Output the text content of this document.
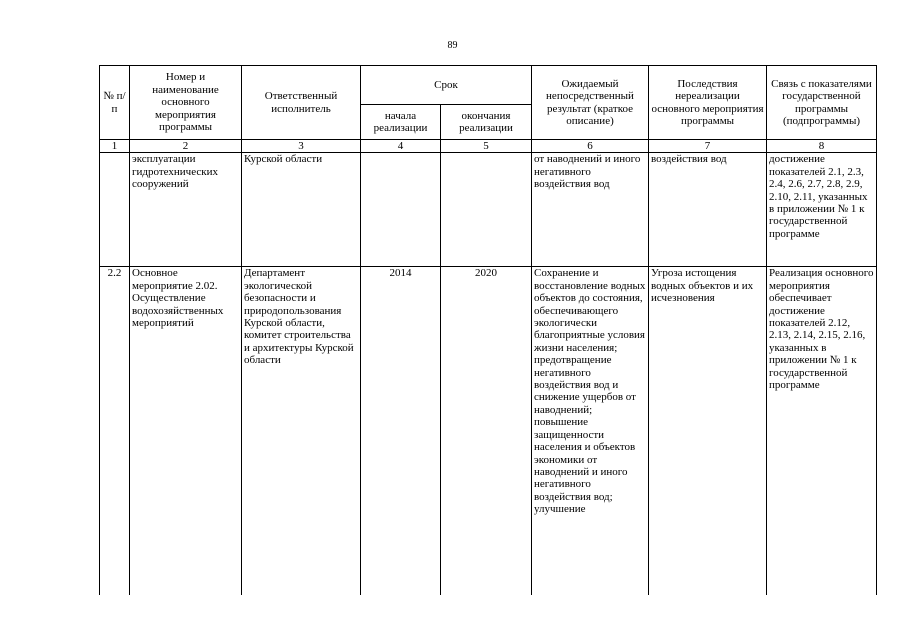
89
№ п/п	Номер и наименование основного мероприятия программы	Ответственный исполнитель	Срок		Ожидаемый непосредственный результат (краткое описание)	Последствия нереализации основного мероприятия программы	Связь с показателями государственной программы (подпрограммы)
			начала реализации	окончания реализации			
1	2	3	4	5	6	7	8
	эксплуатации гидротехнических сооружений	Курской области			от наводнений и иного негативного воздействия вод	воздействия вод	достижение показателей 2.1, 2.3, 2.4, 2.6, 2.7, 2.8, 2.9, 2.10, 2.11, указанных в приложении № 1 к государственной программе
2.2	Основное мероприятие 2.02. Осуществление водохозяйственных мероприятий	Департамент экологической безопасности и природопользования Курской области, комитет строительства и архитектуры Курской области	2014	2020	Сохранение и восстановление водных объектов до состояния, обеспечивающего экологически благоприятные условия жизни населения; предотвращение негативного воздействия вод и снижение ущербов от наводнений; повышение защищенности населения и объектов экономики от наводнений и иного негативного воздействия вод; улучшение	Угроза истощения водных объектов и их исчезновения	Реализация основного мероприятия обеспечивает достижение показателей 2.12, 2.13, 2.14, 2.15, 2.16, указанных в приложении № 1 к государственной программе
